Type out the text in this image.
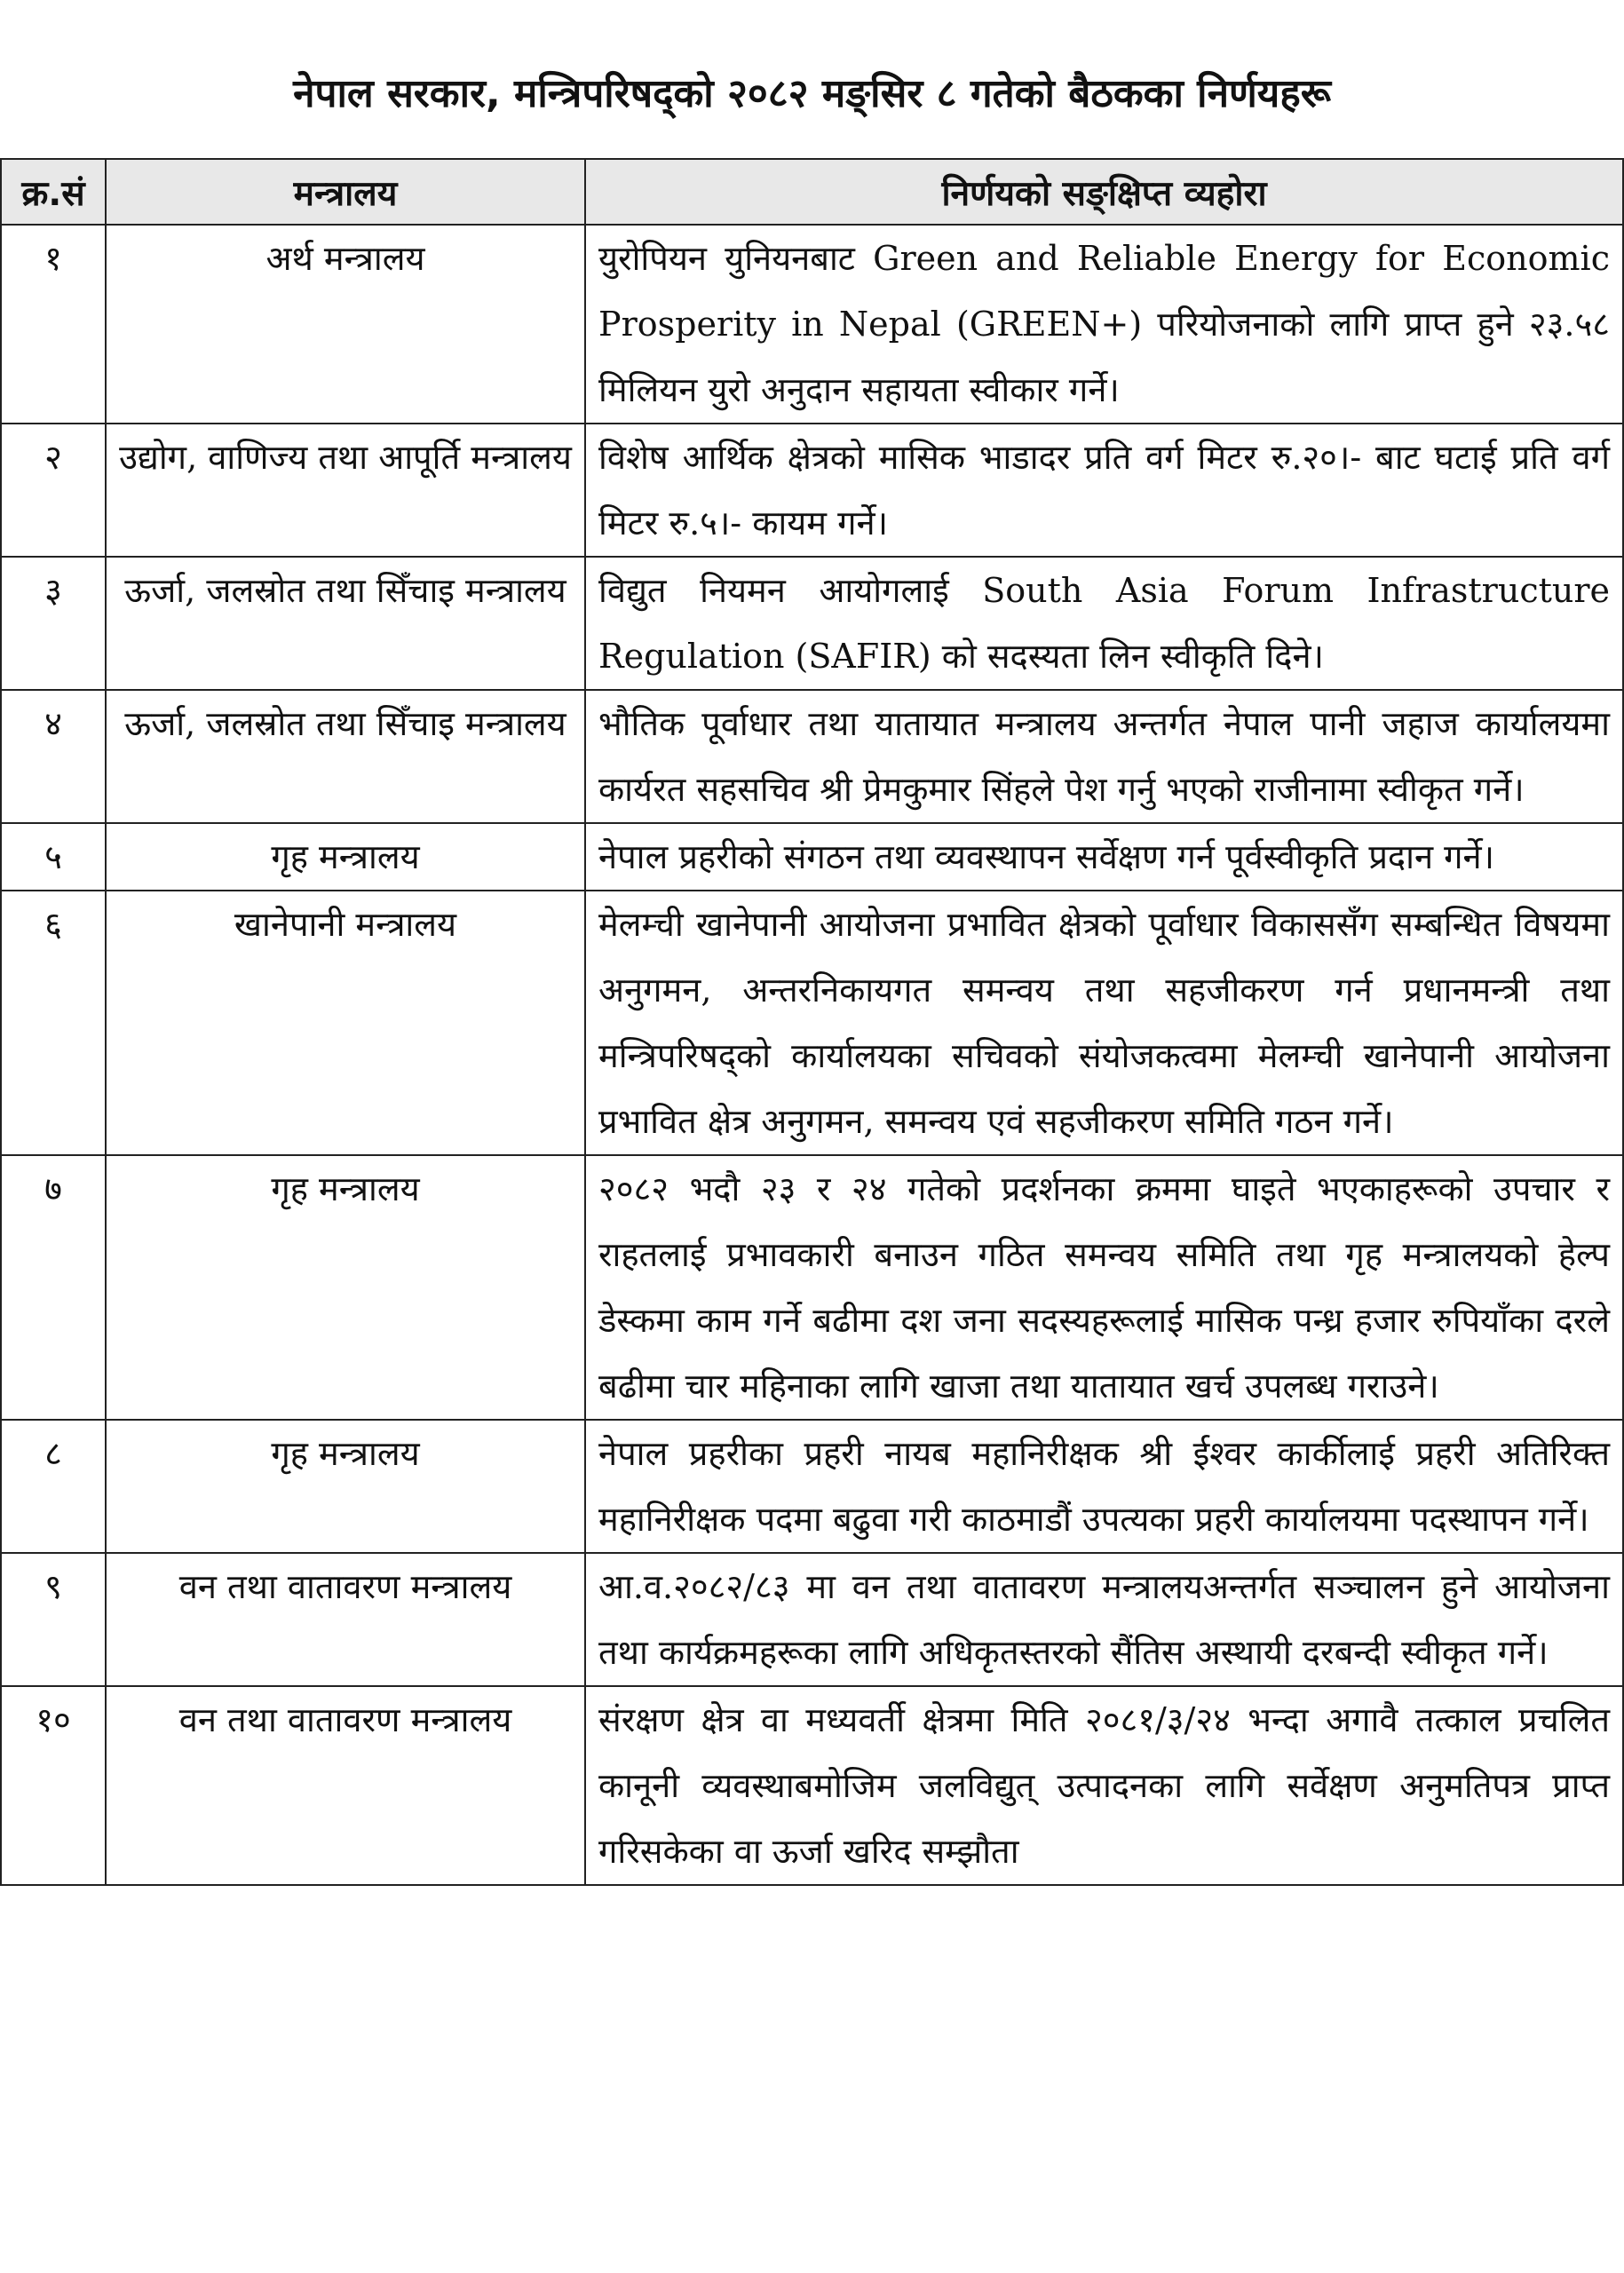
नेपाल सरकार, मन्त्रिपरिषद्को २०८२ मङ्सिर ८ गतेको बैठकका निर्णयहरू
क्र.सं	मन्त्रालय	निर्णयको सङ्क्षिप्त व्यहोरा
१	अर्थ मन्त्रालय	युरोपियन युनियनबाट Green and Reliable Energy for Economic Prosperity in Nepal (GREEN+) परियोजनाको लागि प्राप्त हुने २३.५८ मिलियन युरो अनुदान सहायता स्वीकार गर्ने।
२	उद्योग, वाणिज्य तथा आपूर्ति मन्त्रालय	विशेष आर्थिक क्षेत्रको मासिक भाडादर प्रति वर्ग मिटर रु.२०।- बाट घटाई प्रति वर्ग मिटर रु.५।- कायम गर्ने।
३	ऊर्जा, जलस्रोत तथा सिँचाइ मन्त्रालय	विद्युत नियमन आयोगलाई South Asia Forum Infrastructure Regulation (SAFIR) को सदस्यता लिन स्वीकृति दिने।
४	ऊर्जा, जलस्रोत तथा सिँचाइ मन्त्रालय	भौतिक पूर्वाधार तथा यातायात मन्त्रालय अन्तर्गत नेपाल पानी जहाज कार्यालयमा कार्यरत सहसचिव श्री प्रेमकुमार सिंहले पेश गर्नु भएको राजीनामा स्वीकृत गर्ने।
५	गृह मन्त्रालय	नेपाल प्रहरीको संगठन तथा व्यवस्थापन सर्वेक्षण गर्न पूर्वस्वीकृति प्रदान गर्ने।
६	खानेपानी मन्त्रालय	मेलम्ची खानेपानी आयोजना प्रभावित क्षेत्रको पूर्वाधार विकाससँग सम्बन्धित विषयमा अनुगमन, अन्तरनिकायगत समन्वय तथा सहजीकरण गर्न प्रधानमन्त्री तथा मन्त्रिपरिषद्को कार्यालयका सचिवको संयोजकत्वमा मेलम्ची खानेपानी आयोजना प्रभावित क्षेत्र अनुगमन, समन्वय एवं सहजीकरण समिति गठन गर्ने।
७	गृह मन्त्रालय	२०८२ भदौ २३ र २४ गतेको प्रदर्शनका क्रममा घाइते भएकाहरूको उपचार र राहतलाई प्रभावकारी बनाउन गठित समन्वय समिति तथा गृह मन्त्रालयको हेल्प डेस्कमा काम गर्ने बढीमा दश जना सदस्यहरूलाई मासिक पन्ध्र हजार रुपियाँका दरले बढीमा चार महिनाका लागि खाजा तथा यातायात खर्च उपलब्ध गराउने।
८	गृह मन्त्रालय	नेपाल प्रहरीका प्रहरी नायब महानिरीक्षक श्री ईश्वर कार्कीलाई प्रहरी अतिरिक्त महानिरीक्षक पदमा बढुवा गरी काठमाडौं उपत्यका प्रहरी कार्यालयमा पदस्थापन गर्ने।
९	वन तथा वातावरण मन्त्रालय	आ.व.२०८२/८३ मा वन तथा वातावरण मन्त्रालयअन्तर्गत सञ्चालन हुने आयोजना तथा कार्यक्रमहरूका लागि अधिकृतस्तरको सैंतिस अस्थायी दरबन्दी स्वीकृत गर्ने।
१०	वन तथा वातावरण मन्त्रालय	संरक्षण क्षेत्र वा मध्यवर्ती क्षेत्रमा मिति २०८१/३/२४ भन्दा अगावै तत्काल प्रचलित कानूनी व्यवस्थाबमोजिम जलविद्युत् उत्पादनका लागि सर्वेक्षण अनुमतिपत्र प्राप्त गरिसकेका वा ऊर्जा खरिद सम्झौता
